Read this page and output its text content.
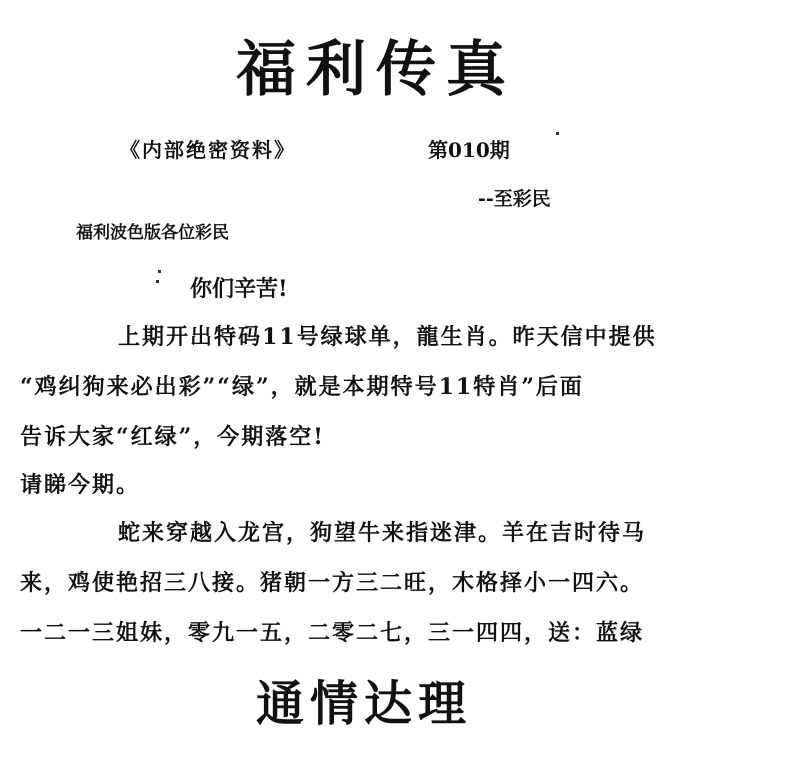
福利传真
《内部绝密资料》	第010期
--至彩民
福利波色版各位彩民
你们辛苦!
上期开出特码11号绿球单，龍生肖。昨天信中提供
“鸡纠狗来必出彩”“绿”，就是本期特号11特肖”后面
告诉大家“红绿”，今期落空!
请睇今期。
蛇来穿越入龙宫，狗望牛来指迷津。羊在吉时待马
来，鸡使艳招三八接。猪朝一方三二旺，木格择小一四六。
一二一三姐妹，零九一五，二零二七，三一四四，送：蓝绿
通情达理
